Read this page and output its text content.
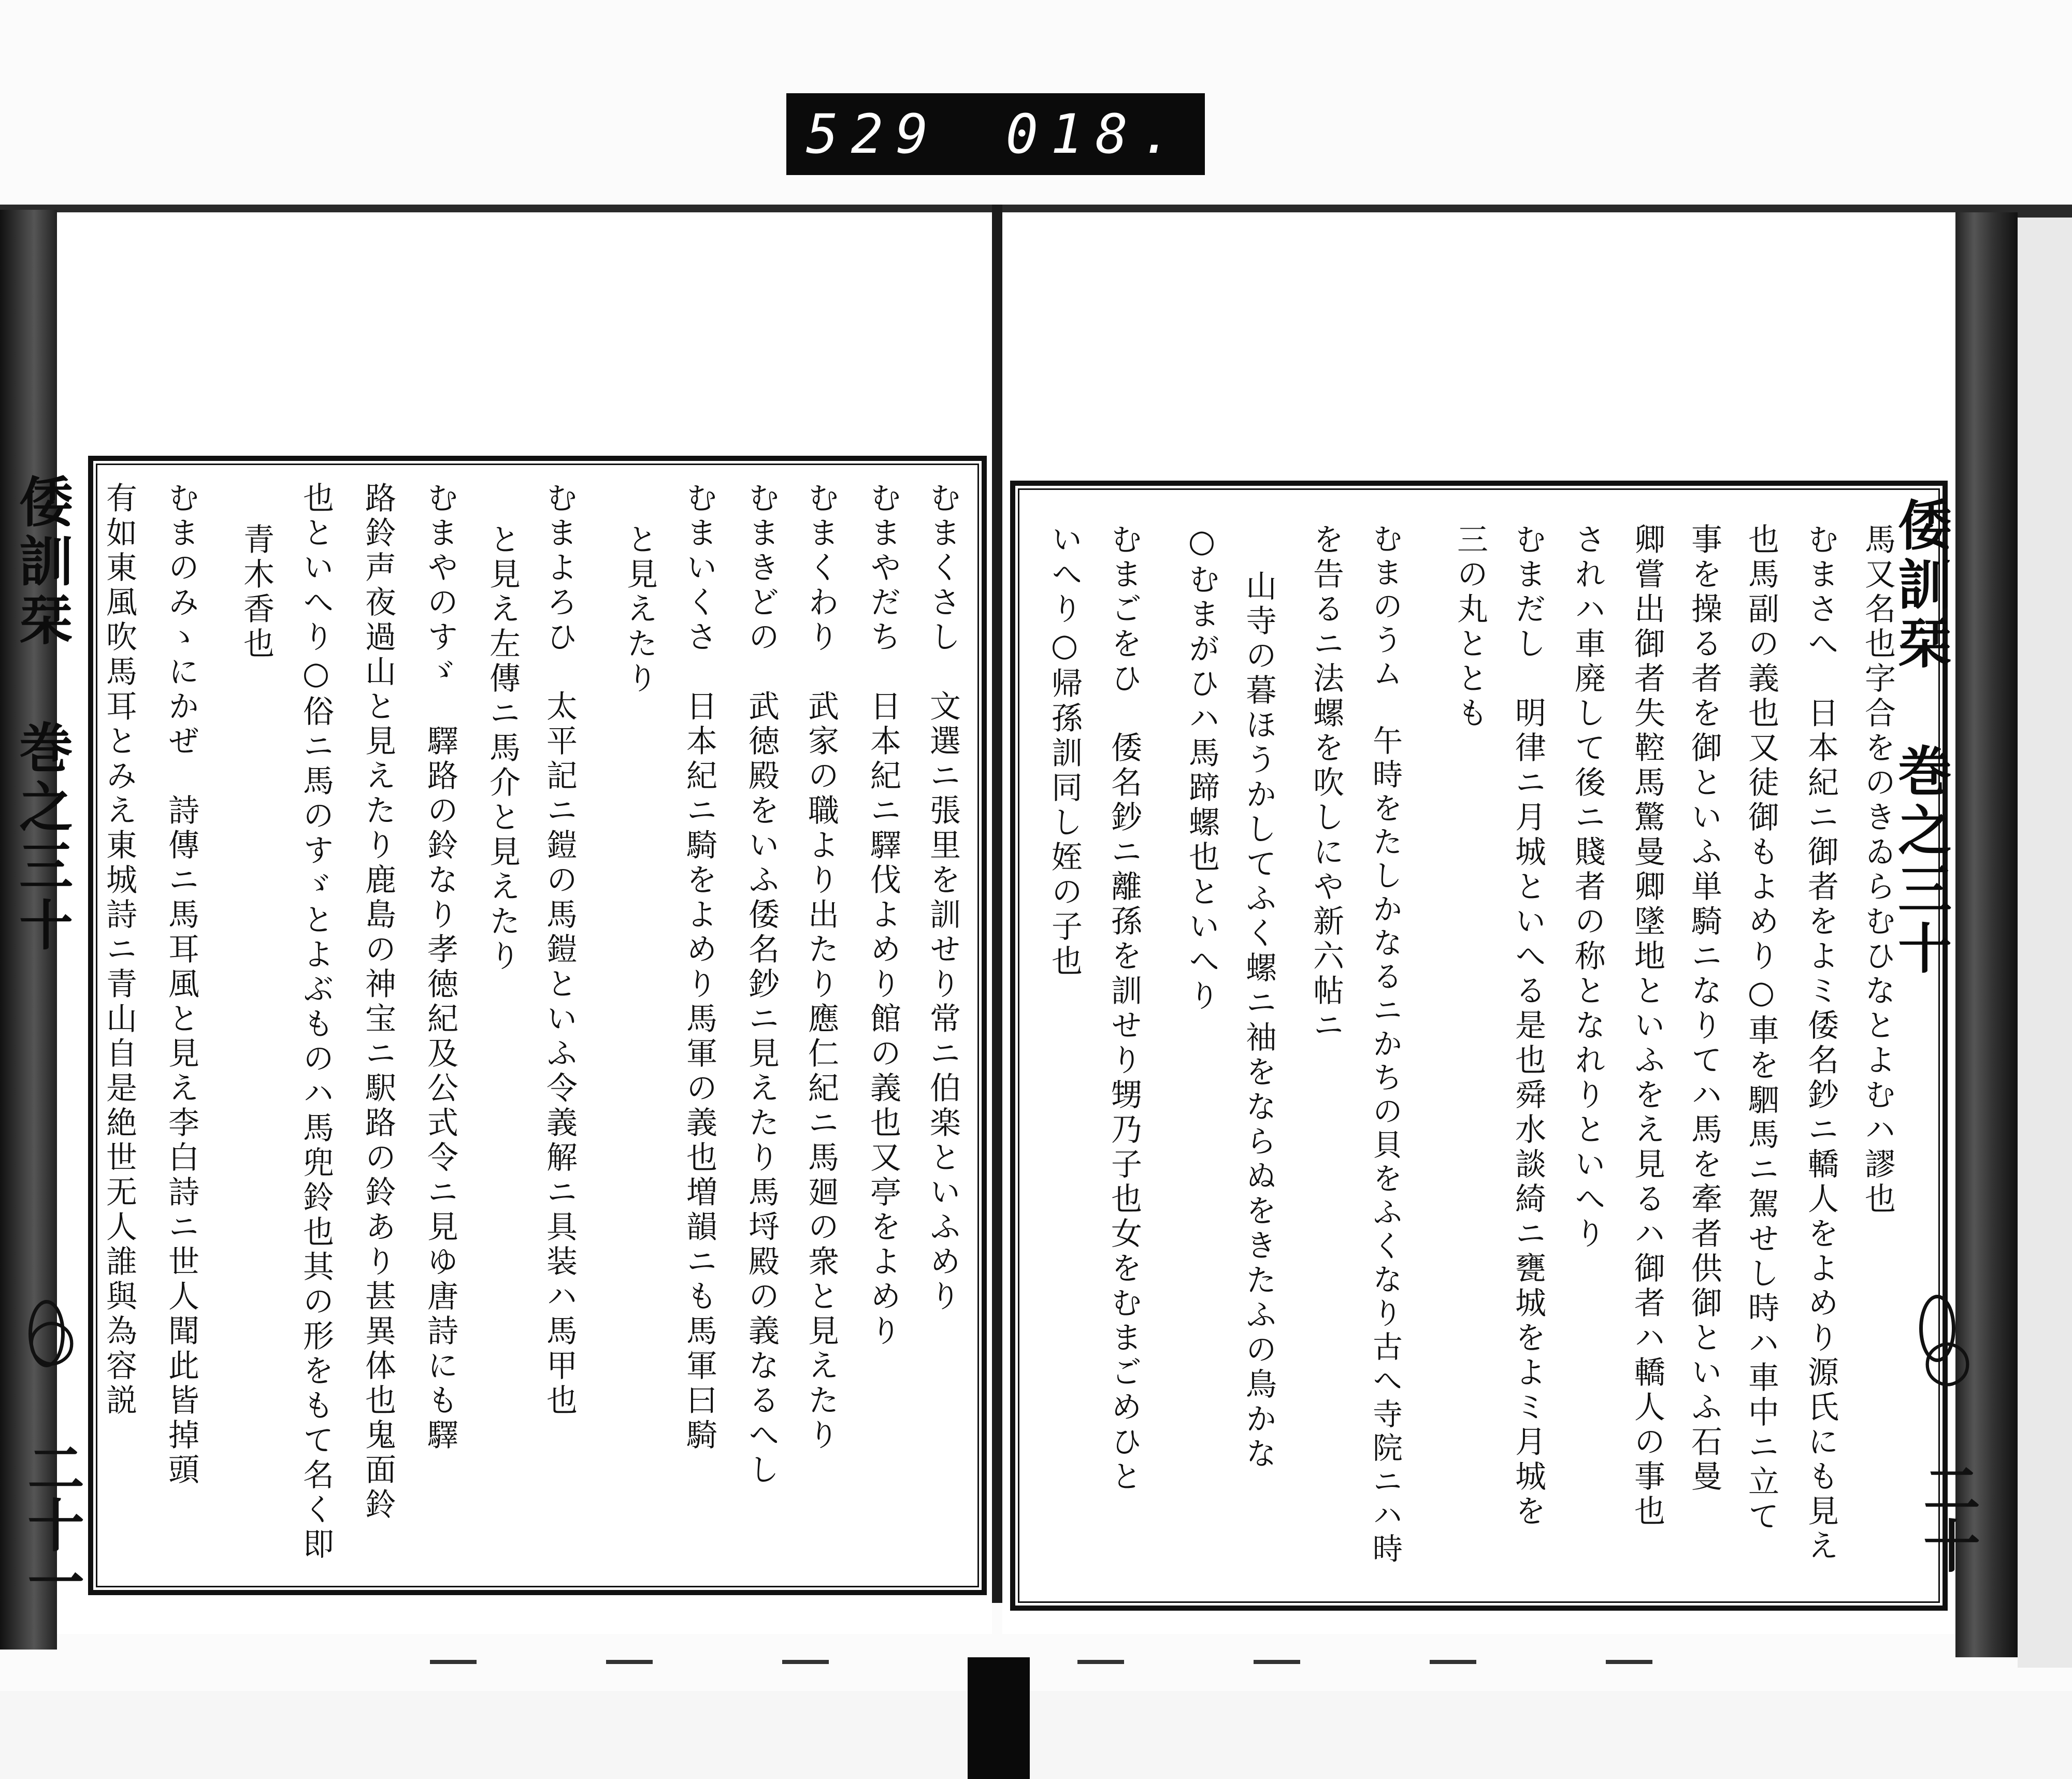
529 018.
倭訓栞 巻之三十
倭訓栞 巻之三十
○ 二十
○ 二十一
馬又名也字合をのきゐらむひなとよむハ謬也
むまさへ　日本紀ニ御者をよミ倭名鈔ニ轎人をよめり源氏にも見え
也馬副の義也又徒御もよめり○車を駟馬ニ駕せし時ハ車中ニ立て
事を操る者を御といふ単騎ニなりてハ馬を牽者供御といふ石曼
卿嘗出御者失鞚馬驚曼卿墜地といふをえ見るハ御者ハ轎人の事也
されハ車廃して後ニ賤者の称となれりといへり
むまだし　明律ニ月城といへる是也舜水談綺ニ甕城をよミ月城を
三の丸ととも
むまのうム　午時をたしかなるニかちの貝をふくなり古へ寺院ニハ時
を告るニ法螺を吹しにや新六帖ニ
山寺の暮ほうかしてふく螺ニ袖をならぬをきたふの鳥かな
○むまがひハ馬蹄螺也といへり
むまごをひ　倭名鈔ニ離孫を訓せり甥乃子也女をむまごめひと
いへり○帰孫訓同し姪の子也
むまくさし　文選ニ張里を訓せり常ニ伯楽といふめり
むまやだち　日本紀ニ驛伐よめり館の義也又亭をよめり
むまくわり　武家の職より出たり應仁紀ニ馬廻の衆と見えたり
むまきどの　武徳殿をいふ倭名鈔ニ見えたり馬埒殿の義なるへし
むまいくさ　日本紀ニ騎をよめり馬軍の義也増韻ニも馬軍曰騎
と見えたり
むまよろひ　太平記ニ鎧の馬鎧といふ令義解ニ具装ハ馬甲也
と見え左傳ニ馬介と見えたり
むまやのすゞ　驛路の鈴なり孝徳紀及公式令ニ見ゆ唐詩にも驛
路鈴声夜過山と見えたり鹿島の神宝ニ駅路の鈴あり甚異体也鬼面鈴
也といへり○俗ニ馬のすゞとよぶものハ馬兜鈴也其の形をもて名く即
青木香也
むまのみゝにかぜ　詩傳ニ馬耳風と見え李白詩ニ世人聞此皆掉頭
有如東風吹馬耳とみえ東城詩ニ青山自是絶世无人誰與為容説
